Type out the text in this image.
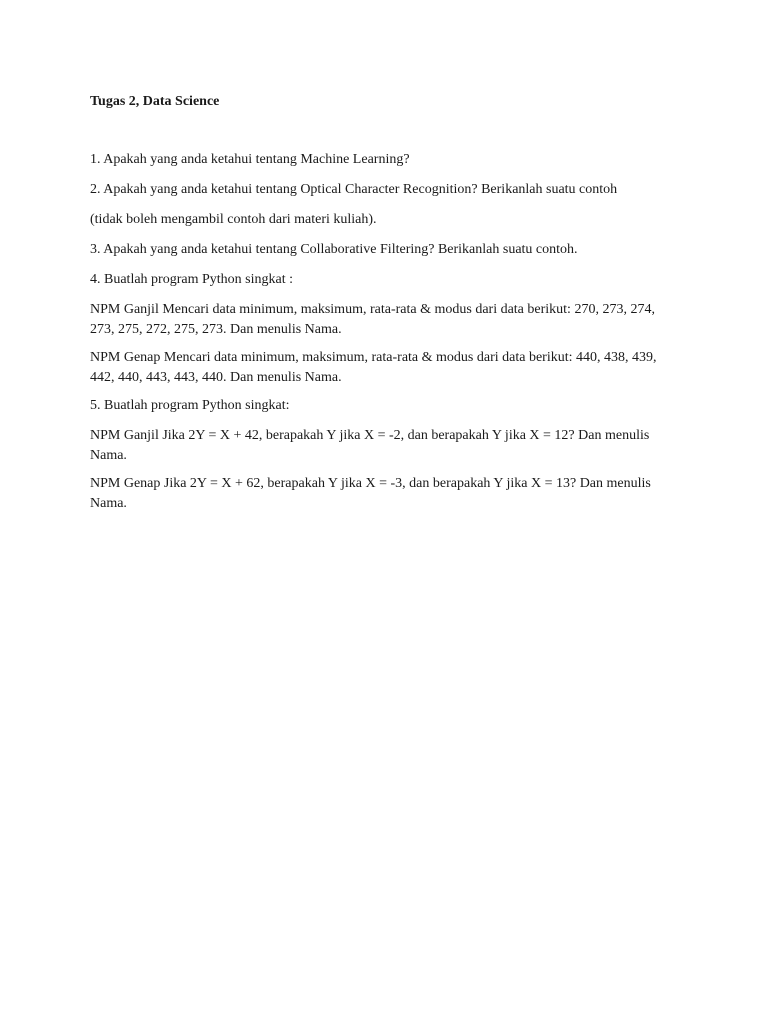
Tugas 2, Data Science

1. Apakah yang anda ketahui tentang Machine Learning?

2. Apakah yang anda ketahui tentang Optical Character Recognition? Berikanlah suatu contoh

(tidak boleh mengambil contoh dari materi kuliah).

3. Apakah yang anda ketahui tentang Collaborative Filtering? Berikanlah suatu contoh.

4. Buatlah program Python singkat :

NPM Ganjil Mencari data minimum, maksimum, rata-rata & modus dari data berikut: 270, 273, 274, 273, 275, 272, 275, 273. Dan menulis Nama.

NPM Genap Mencari data minimum, maksimum, rata-rata & modus dari data berikut: 440, 438, 439, 442, 440, 443, 443, 440. Dan menulis Nama.

5. Buatlah program Python singkat:

NPM Ganjil Jika 2Y = X + 42, berapakah Y jika X = -2, dan berapakah Y jika X = 12? Dan menulis Nama.

NPM Genap Jika 2Y = X + 62, berapakah Y jika X = -3, dan berapakah Y jika X = 13? Dan menulis Nama.
